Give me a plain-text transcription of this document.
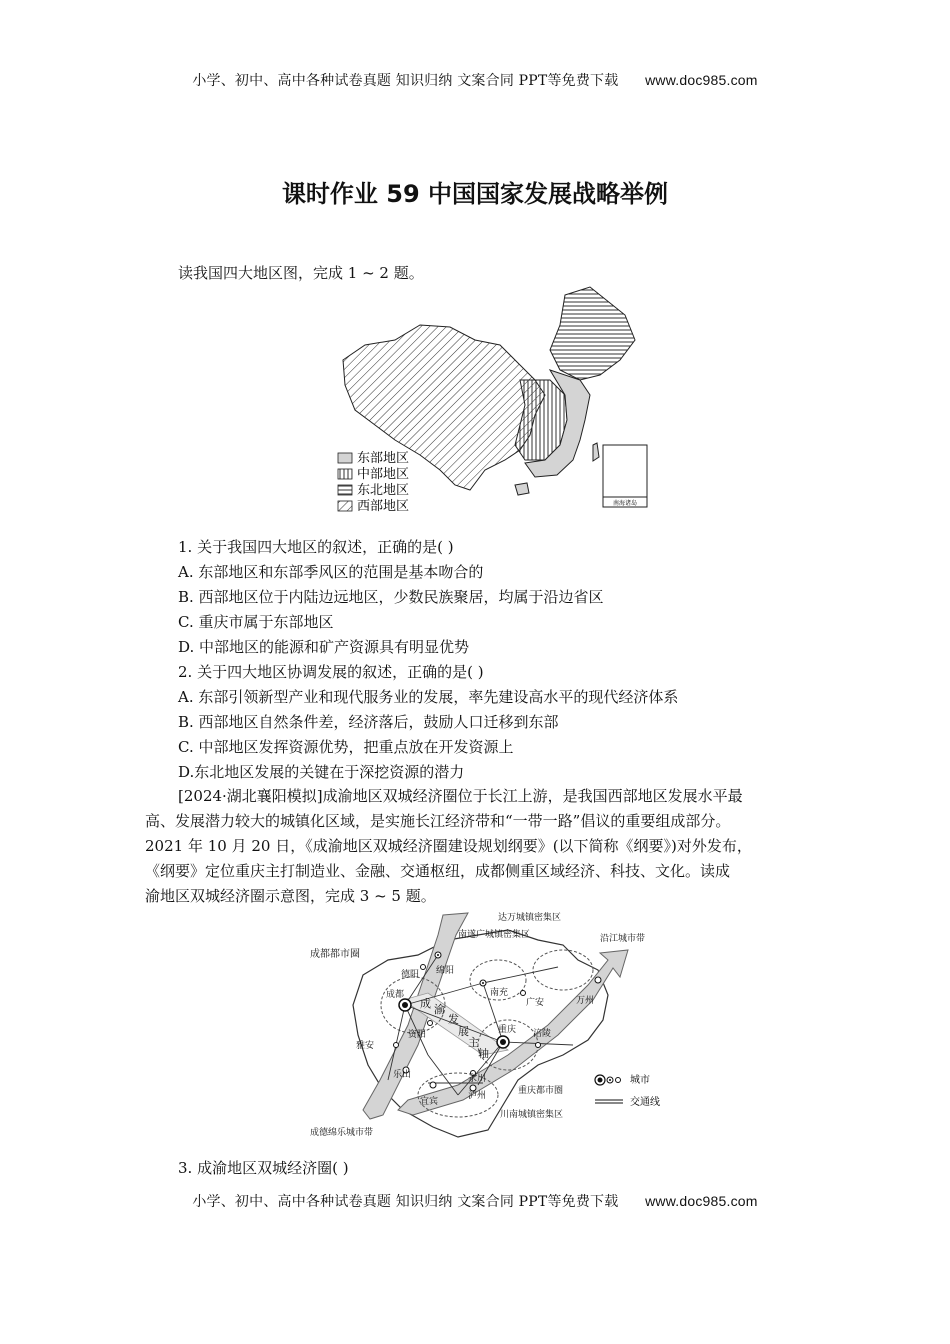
小学、初中、高中各种试卷真题 知识归纳 文案合同 PPT等免费下载 www.doc985.com
课时作业 59 中国国家发展战略举例
读我国四大地区图，完成 1 ~ 2 题。
南海诸岛
东部地区
中部地区
东北地区
西部地区
1. 关于我国四大地区的叙述，正确的是( )
A. 东部地区和东部季风区的范围是基本吻合的
B. 西部地区位于内陆边远地区，少数民族聚居，均属于沿边省区
C. 重庆市属于东部地区
D. 中部地区的能源和矿产资源具有明显优势
2. 关于四大地区协调发展的叙述，正确的是( )
A. 东部引领新型产业和现代服务业的发展，率先建设高水平的现代经济体系
B. 西部地区自然条件差，经济落后，鼓励人口迁移到东部
C. 中部地区发挥资源优势，把重点放在开发资源上
D.东北地区发展的关键在于深挖资源的潜力
[2024·湖北襄阳模拟]成渝地区双城经济圈位于长江上游，是我国西部地区发展水平最
高、发展潜力较大的城镇化区域，是实施长江经济带和“一带一路”倡议的重要组成部分。
2021 年 10 月 20 日，《成渝地区双城经济圈建设规划纲要》(以下简称《纲要》)对外发布，
《纲要》定位重庆主打制造业、金融、交通枢纽，成都侧重区域经济、科技、文化。读成
渝地区双城经济圈示意图，完成 3 ~ 5 题。
达万城镇密集区
南遂广城镇密集区	沿江城市带
成都都市圈
德阳 绵阳
成都	南充
广安	万州
雅安
资阳
乐山
重庆 涪陵
永川
泸州
宜宾
重庆都市圈
川南城镇密集区
成德绵乐城市带
成 渝
发
展
主
轴
城市
交通线
3. 成渝地区双城经济圈( )
小学、初中、高中各种试卷真题 知识归纳 文案合同 PPT等免费下载 www.doc985.com
